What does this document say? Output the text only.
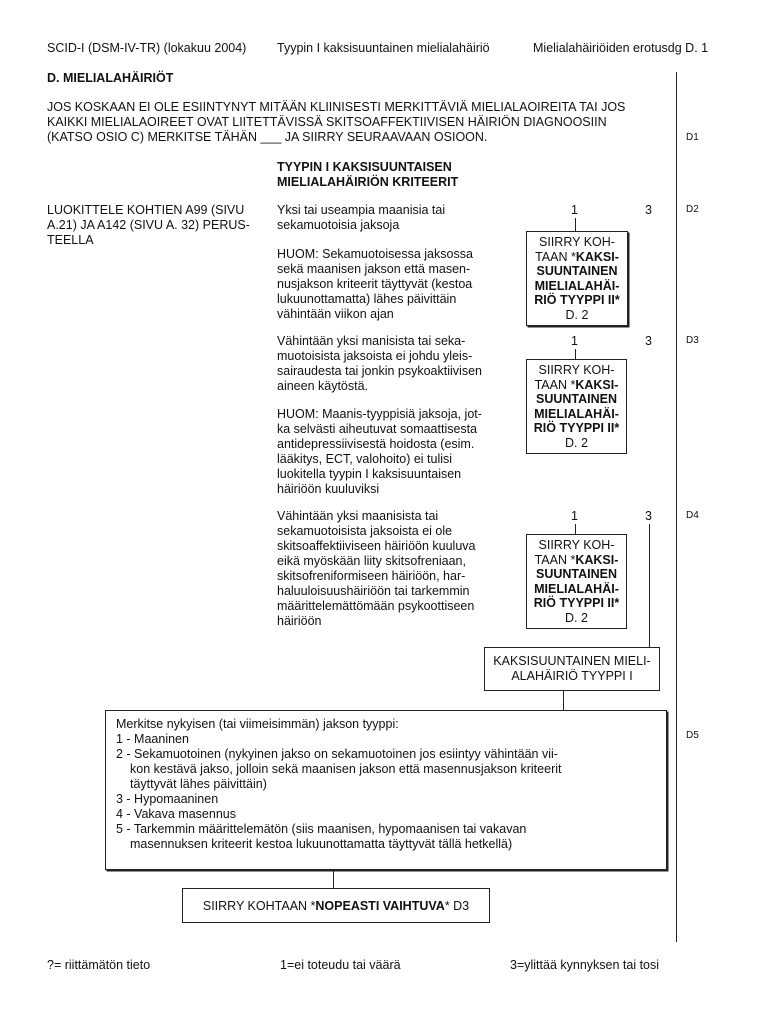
SCID-I (DSM-IV-TR) (lokakuu 2004) Tyypin I kaksisuuntainen mielialahäiriö	Mielialahäiriöiden erotusdg D. 1
D. MIELIALAHÄIRIÖT
JOS KOSKAAN EI OLE ESIINTYNYT MITÄÄN KLIINISESTI MERKITTÄVIÄ MIELIALAOIREITA TAI JOS KAIKKI MIELIALAOIREET OVAT LIITETTÄVISSÄ SKITSOAFFEKTIIVISEN HÄIRIÖN DIAGNOOSIIN (KATSO OSIO C) MERKITSE TÄHÄN ___ JA SIIRRY SEURAAVAAN OSIOON.	D1
TYYPIN I KAKSISUUNTAISEN
MIELIALAHÄIRIÖN KRITEERIT
LUOKITTELE KOHTIEN A99 (SIVU
A.21) JA A142 (SIVU A. 32) PERUS-
TEELLA
Yksi tai useampia maanisia tai
sekamuotoisia jaksoja
HUOM: Sekamuotoisessa jaksossa
sekä maanisen jakson että masen-
nusjakson kriteerit täyttyvät (kestoa
lukuunottamatta) lähes päivittäin
vähintään viikon ajan
1	3	D2
SIIRRY KOH-
TAAN *KAKSI-
SUUNTAINEN
MIELIALAHÄI-
RIÖ TYYPPI II*
D. 2
Vähintään yksi manisista tai seka-
muotoisista jaksoista ei johdu yleis-
sairaudesta tai jonkin psykoaktiivisen
aineen käytöstä.
HUOM: Maanis-tyyppisiä jaksoja, jot-
ka selvästi aiheutuvat somaattisesta
antidepressiivisestä hoidosta (esim.
lääkitys, ECT, valohoito) ei tulisi
luokitella tyypin I kaksisuuntaisen
häiriöön kuuluviksi
1	3	D3
SIIRRY KOH-
TAAN *KAKSI-
SUUNTAINEN
MIELIALAHÄI-
RIÖ TYYPPI II*
D. 2
Vähintään yksi maanisista tai
sekamuotoisista jaksoista ei ole
skitsoaffektiiviseen häiriöön kuuluva
eikä myöskään liity skitsofreniaan,
skitsofreniformiseen häiriöön, har-
haluuloisuushäiriöön tai tarkemmin
määrittelemättömään psykoottiseen
häiriöön
1	3	D4
SIIRRY KOH-
TAAN *KAKSI-
SUUNTAINEN
MIELIALAHÄI-
RIÖ TYYPPI II*
D. 2
KAKSISUUNTAINEN MIELI-
ALAHÄIRIÖ TYYPPI I
Merkitse nykyisen (tai viimeisimmän) jakson tyyppi:
1 - Maaninen
2 - Sekamuotoinen (nykyinen jakso on sekamuotoinen jos esiintyy vähintään vii-
kon kestävä jakso, jolloin sekä maanisen jakson että masennusjakson kriteerit
täyttyvät lähes päivittäin)
3 - Hypomaaninen
4 - Vakava masennus
5 - Tarkemmin määrittelemätön (siis maanisen, hypomaanisen tai vakavan
masennuksen kriteerit kestoa lukuunottamatta täyttyvät tällä hetkellä)
D5
SIIRRY KOHTAAN *NOPEASTI VAIHTUVA* D3
?= riittämätön tieto	1=ei toteudu tai väärä	3=ylittää kynnyksen tai tosi
